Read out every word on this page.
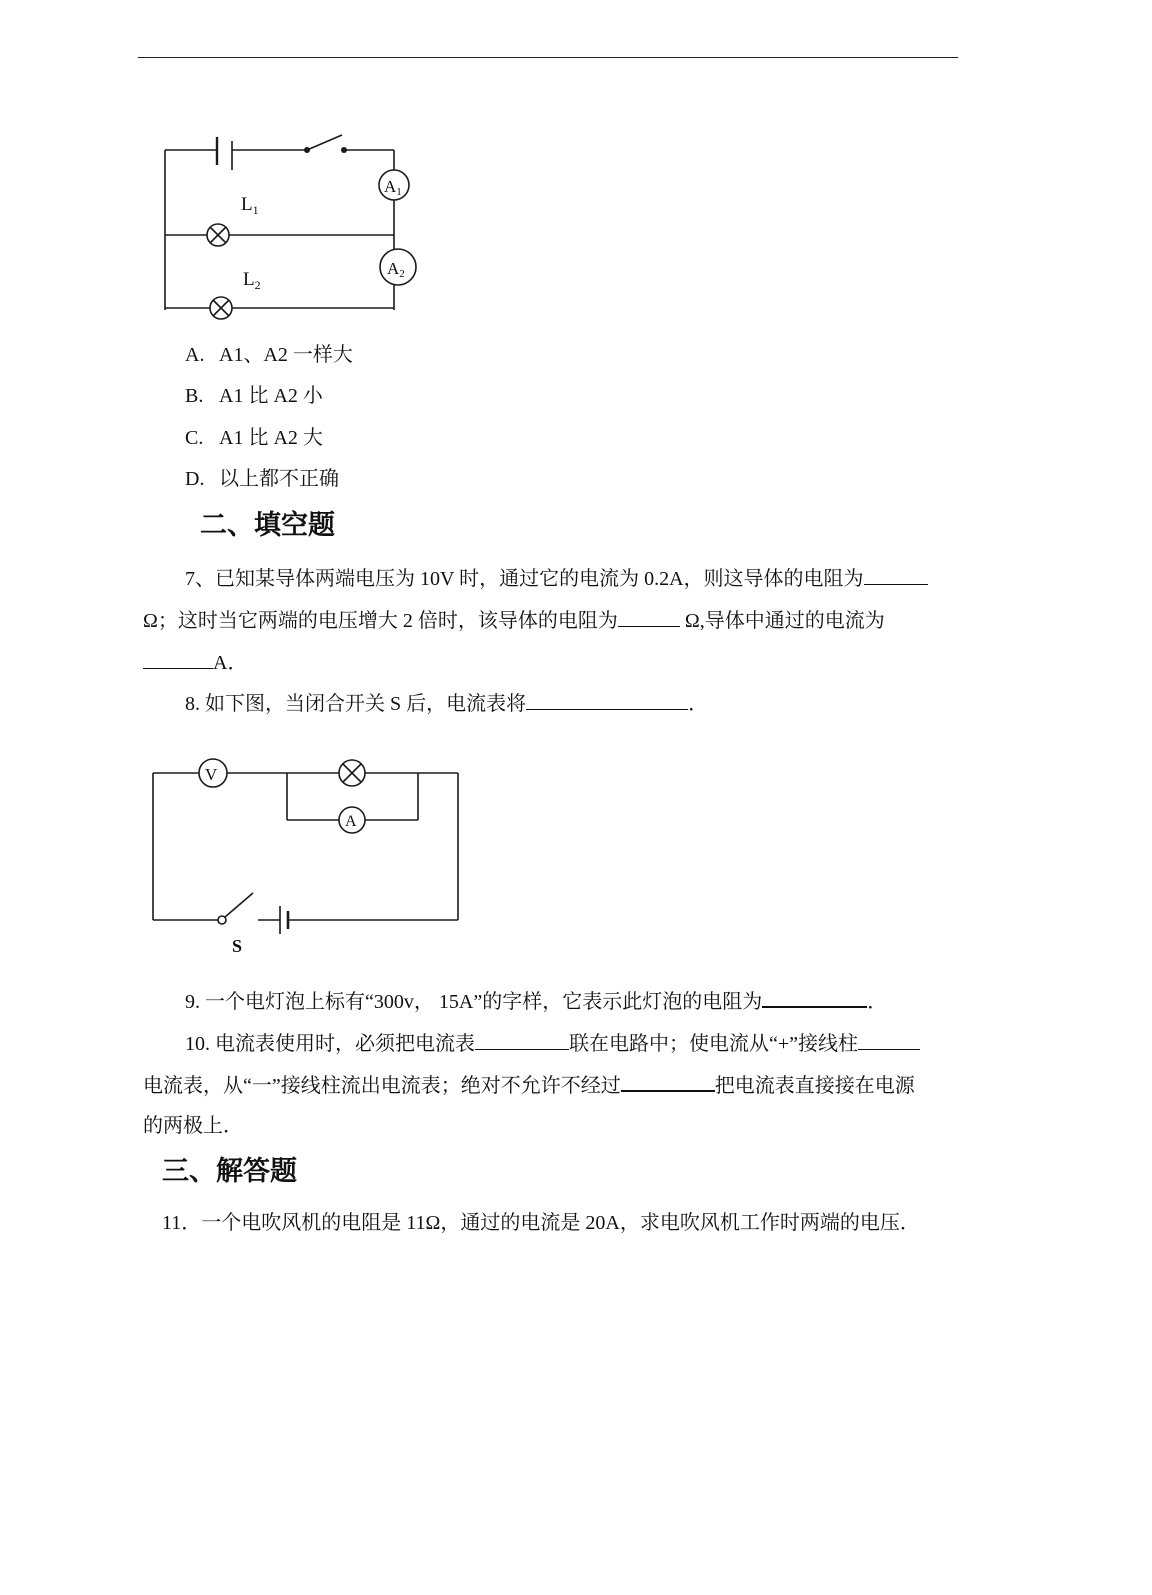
A1
A2
$L_1$
$L_2$
A. A1、A2 一样大
B. A1 比 A2 小
C. A1 比 A2 大
D. 以上都不正确
二、填空题
7、已知某导体两端电压为 10V 时，通过它的电流为 0.2A，则这导体的电阻为
Ω；这时当它两端的电压增大 2 倍时，该导体的电阻为	Ω,导体中通过的电流为
A．
8. 如下图，当闭合开关 S 后，电流表将	．
V
A
S
9. 一个电灯泡上标有“300v， 15A”的字样，它表示此灯泡的电阻为	．
10. 电流表使用时，必须把电流表	联在电路中；使电流从“+”接线柱
电流表，从“一”接线柱流出电流表；绝对不允许不经过	把电流表直接接在电源
的两极上．
三、解答题
11．一个电吹风机的电阻是 11Ω，通过的电流是 20A，求电吹风机工作时两端的电压．
